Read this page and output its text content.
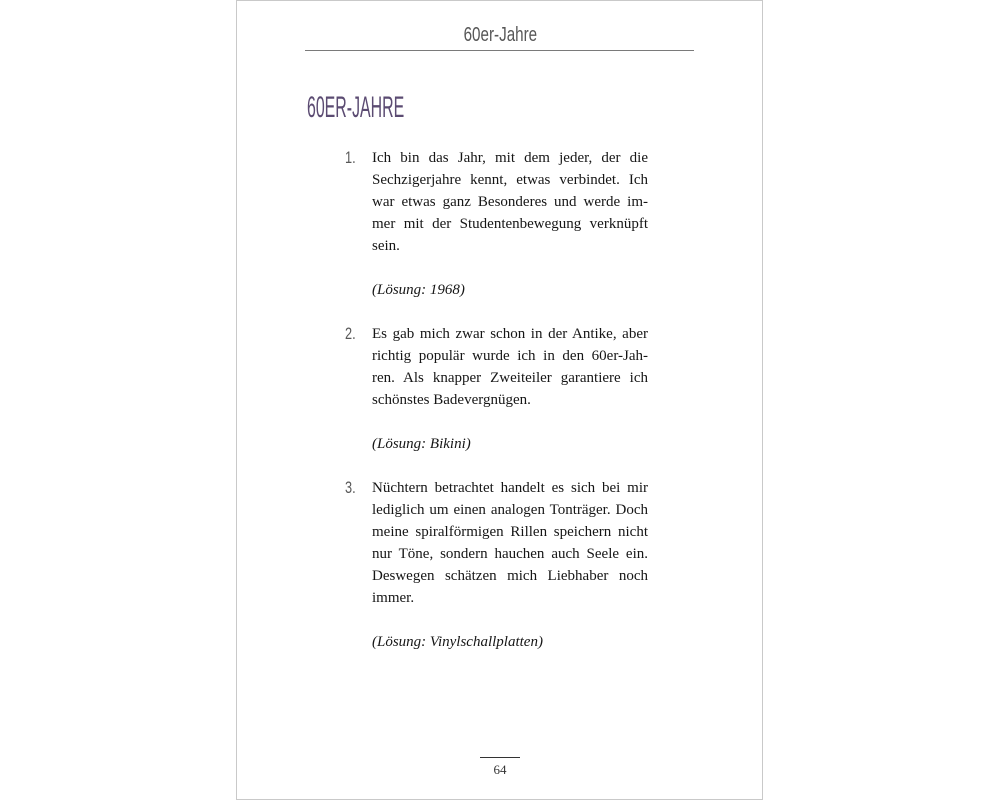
60er-Jahre
60ER-JAHRE
1. Ich bin das Jahr, mit dem jeder, der die
Sechzigerjahre kennt, etwas verbindet. Ich
war etwas ganz Besonderes und werde im-
mer mit der Studentenbewegung verknüpft
sein.
(Lösung: 1968)
2. Es gab mich zwar schon in der Antike, aber
richtig populär wurde ich in den 60er-Jah-
ren. Als knapper Zweiteiler garantiere ich
schönstes Badevergnügen.
(Lösung: Bikini)
3. Nüchtern betrachtet handelt es sich bei mir
lediglich um einen analogen Tonträger. Doch
meine spiralförmigen Rillen speichern nicht
nur Töne, sondern hauchen auch Seele ein.
Deswegen schätzen mich Liebhaber noch
immer.
(Lösung: Vinylschallplatten)
64
